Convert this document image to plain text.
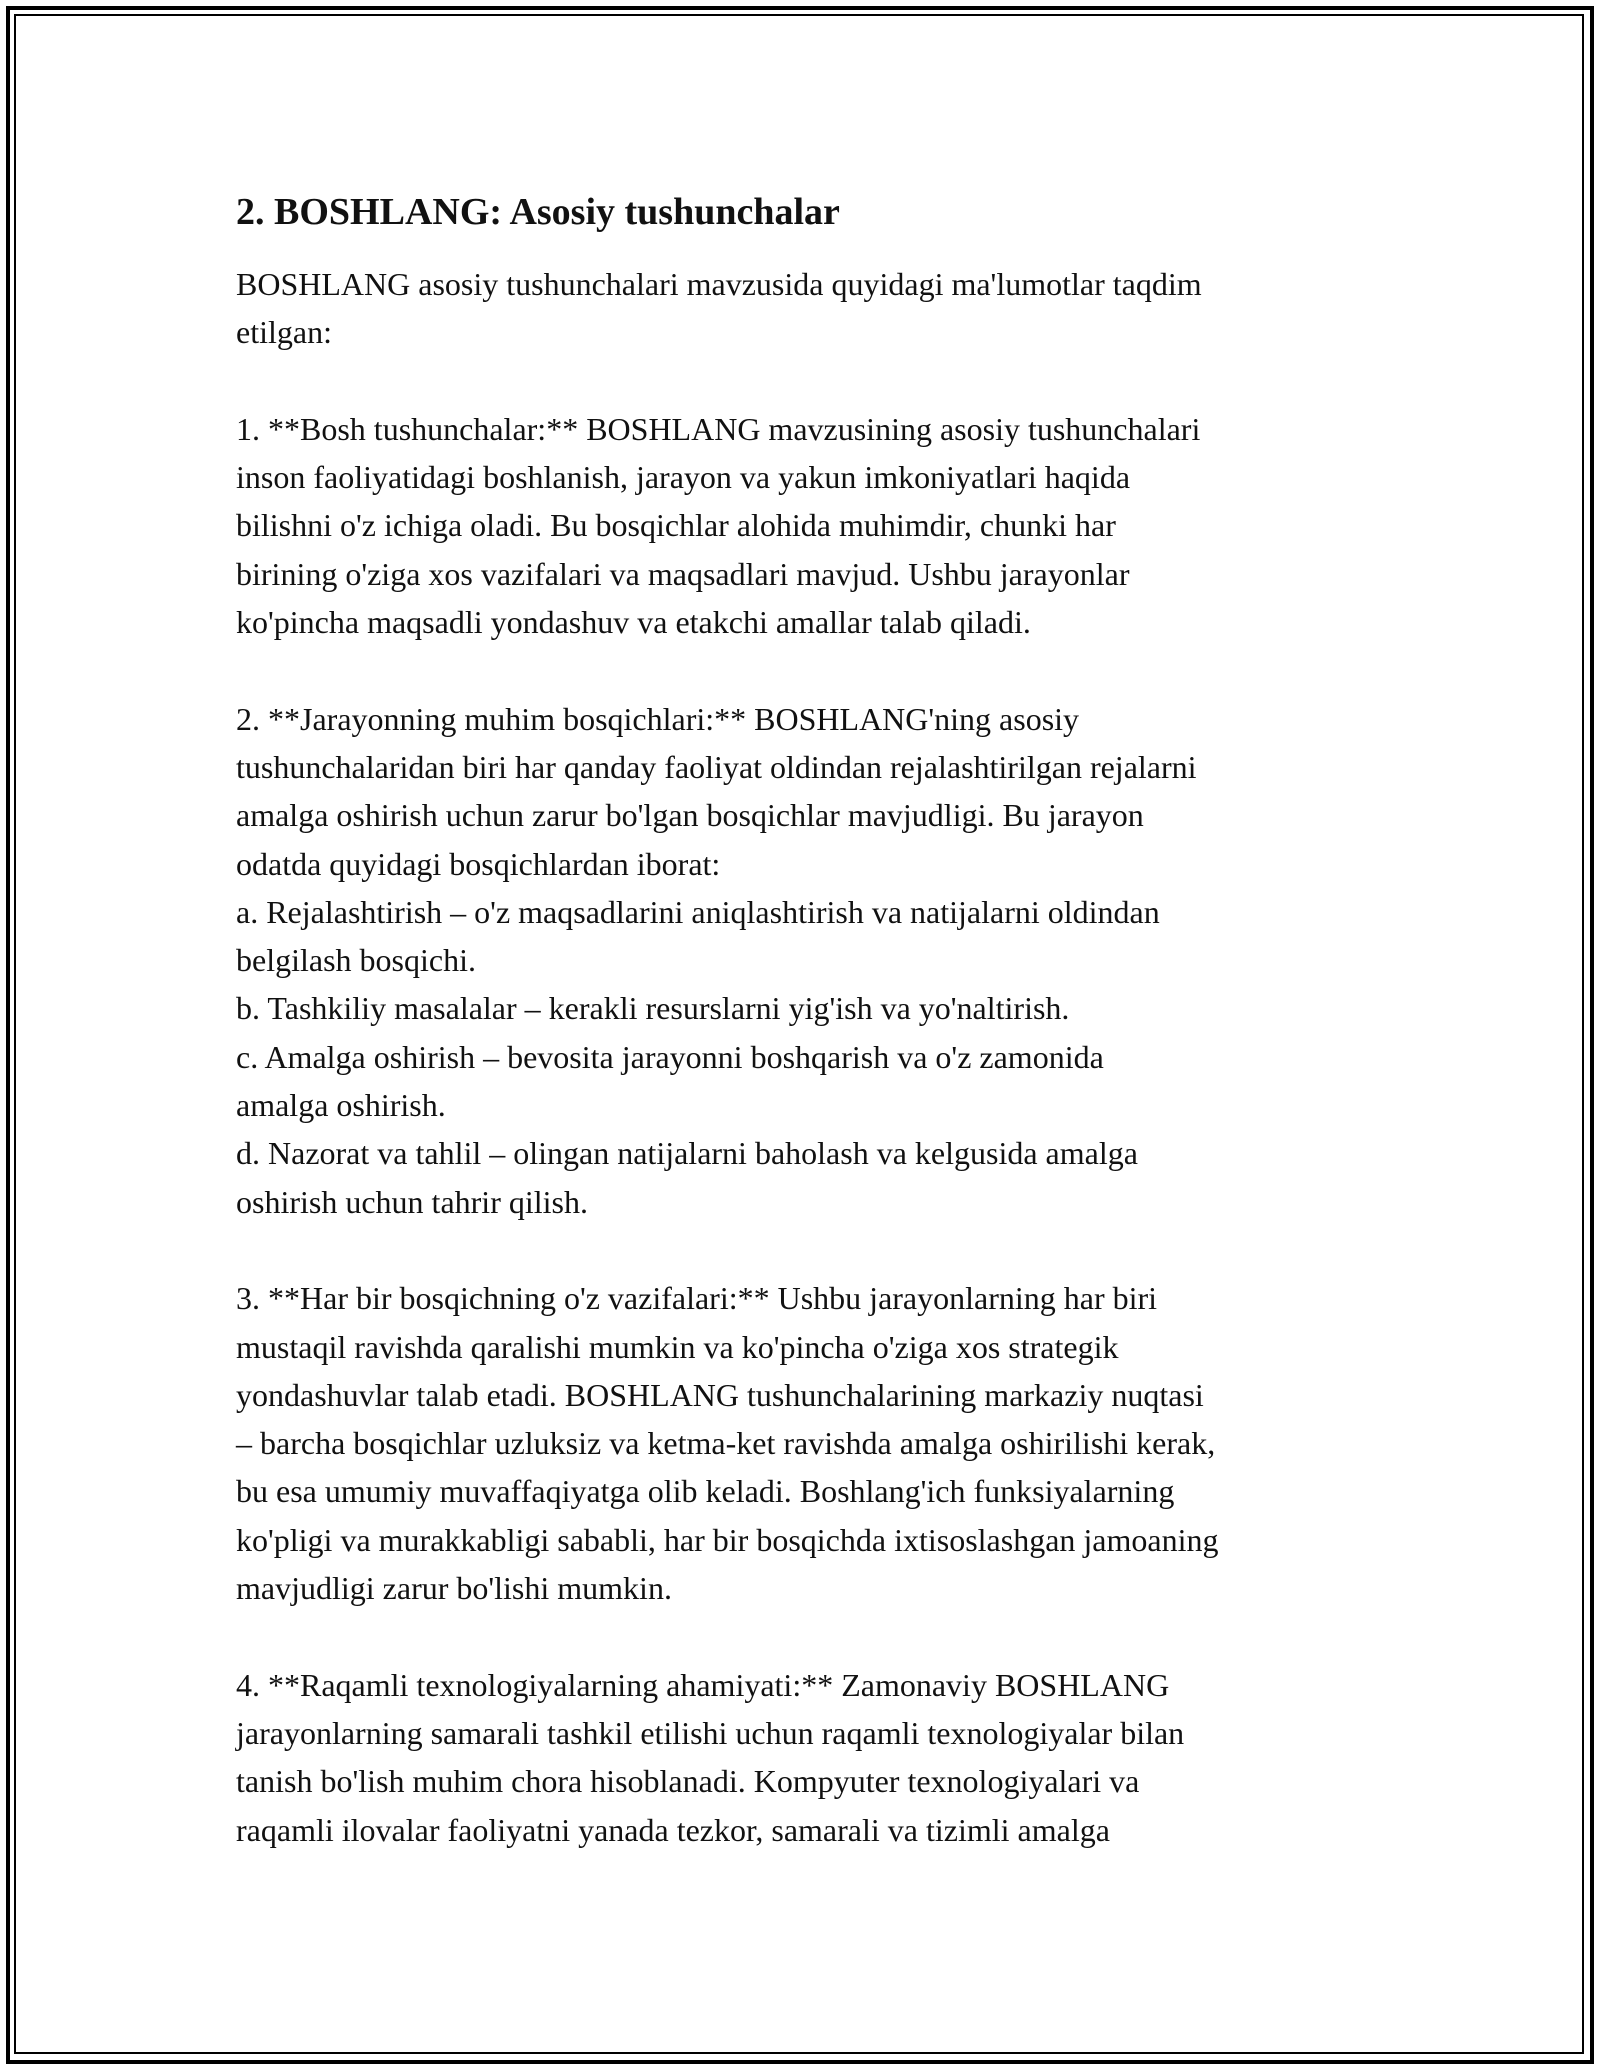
2. BOSHLANG: Asosiy tushunchalar

BOSHLANG asosiy tushunchalari mavzusida quyidagi ma'lumotlar taqdim
etilgan:

1. **Bosh tushunchalar:** BOSHLANG mavzusining asosiy tushunchalari
inson faoliyatidagi boshlanish, jarayon va yakun imkoniyatlari haqida
bilishni o'z ichiga oladi. Bu bosqichlar alohida muhimdir, chunki har
birining o'ziga xos vazifalari va maqsadlari mavjud. Ushbu jarayonlar
ko'pincha maqsadli yondashuv va etakchi amallar talab qiladi.

2. **Jarayonning muhim bosqichlari:** BOSHLANG'ning asosiy
tushunchalaridan biri har qanday faoliyat oldindan rejalashtirilgan rejalarni
amalga oshirish uchun zarur bo'lgan bosqichlar mavjudligi. Bu jarayon
odatda quyidagi bosqichlardan iborat:
a. Rejalashtirish – o'z maqsadlarini aniqlashtirish va natijalarni oldindan
belgilash bosqichi.
b. Tashkiliy masalalar – kerakli resurslarni yig'ish va yo'naltirish.
c. Amalga oshirish – bevosita jarayonni boshqarish va o'z zamonida
amalga oshirish.
d. Nazorat va tahlil – olingan natijalarni baholash va kelgusida amalga
oshirish uchun tahrir qilish.

3. **Har bir bosqichning o'z vazifalari:** Ushbu jarayonlarning har biri
mustaqil ravishda qaralishi mumkin va ko'pincha o'ziga xos strategik
yondashuvlar talab etadi. BOSHLANG tushunchalarining markaziy nuqtasi
– barcha bosqichlar uzluksiz va ketma-ket ravishda amalga oshirilishi kerak,
bu esa umumiy muvaffaqiyatga olib keladi. Boshlang'ich funksiyalarning
ko'pligi va murakkabligi sababli, har bir bosqichda ixtisoslashgan jamoaning
mavjudligi zarur bo'lishi mumkin.

4. **Raqamli texnologiyalarning ahamiyati:** Zamonaviy BOSHLANG
jarayonlarning samarali tashkil etilishi uchun raqamli texnologiyalar bilan
tanish bo'lish muhim chora hisoblanadi. Kompyuter texnologiyalari va
raqamli ilovalar faoliyatni yanada tezkor, samarali va tizimli amalga
